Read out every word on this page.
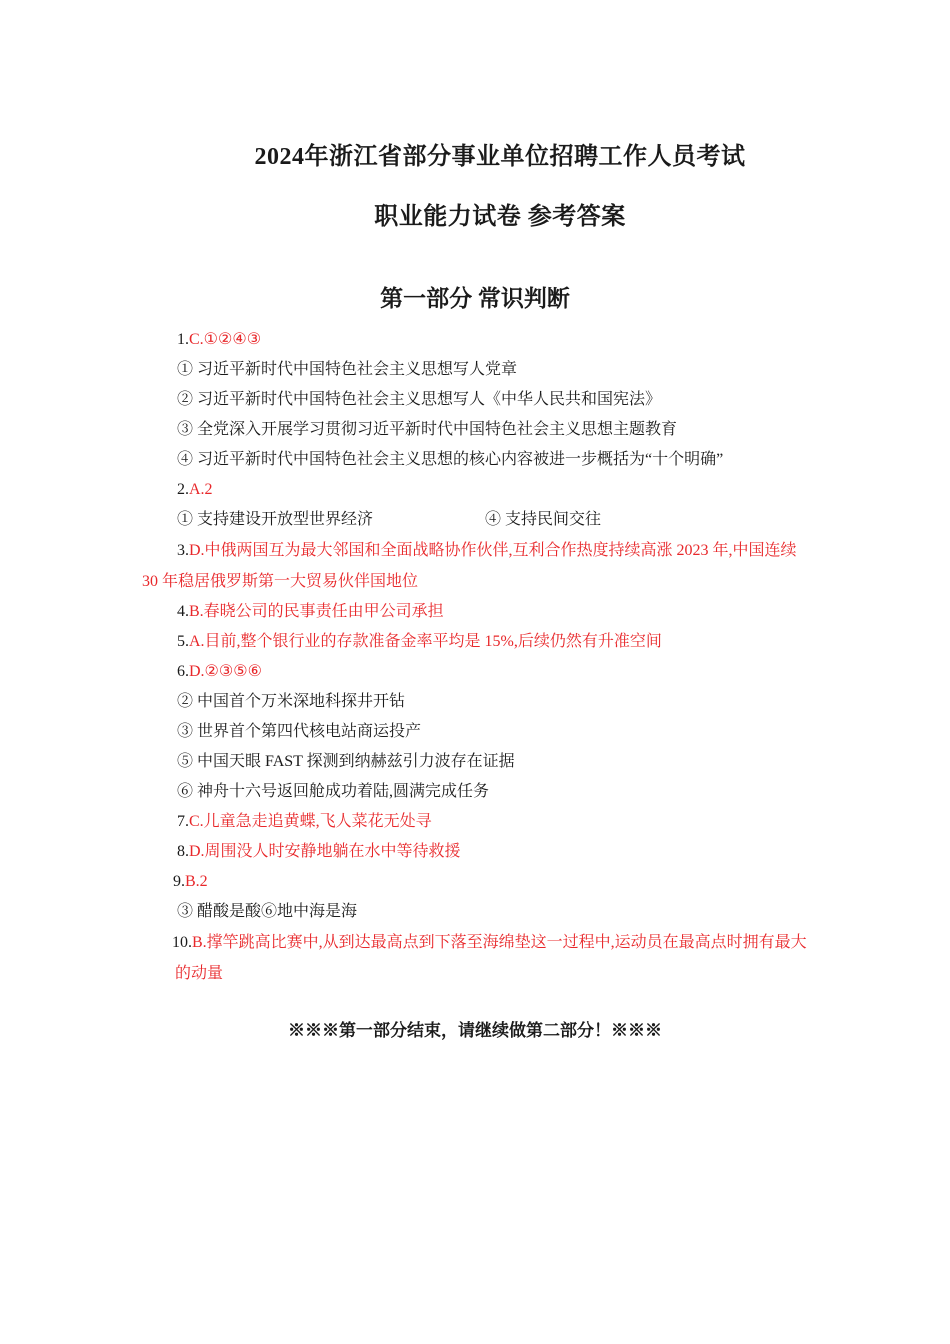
2024年浙江省部分事业单位招聘工作人员考试
职业能力试卷 参考答案
第一部分 常识判断
1.C.①②④③
① 习近平新时代中国特色社会主义思想写人党章
② 习近平新时代中国特色社会主义思想写人《中华人民共和国宪法》
③ 全党深入开展学习贯彻习近平新时代中国特色社会主义思想主题教育
④ 习近平新时代中国特色社会主义思想的核心内容被进一步概括为“十个明确”
2.A.2
① 支持建设开放型世界经济	④ 支持民间交往
3.D.中俄两国互为最大邻国和全面战略协作伙伴,互利合作热度持续高涨 2023 年,中国连续 30 年稳居俄罗斯第一大贸易伙伴国地位
4.B.春晓公司的民事责任由甲公司承担
5.A.目前,整个银行业的存款准备金率平均是 15%,后续仍然有升准空间
6.D.②③⑤⑥
② 中国首个万米深地科探井开钻
③ 世界首个第四代核电站商运投产
⑤ 中国天眼 FAST 探测到纳赫兹引力波存在证据
⑥ 神舟十六号返回舱成功着陆,圆满完成任务
7.C.儿童急走追黄蝶,飞人菜花无处寻
8.D.周围没人时安静地躺在水中等待救援
9.B.2
③ 醋酸是酸⑥地中海是海
10.B.撑竿跳高比赛中,从到达最高点到下落至海绵垫这一过程中,运动员在最高点时拥有最大的动量
※※※第一部分结束，请继续做第二部分！※※※
